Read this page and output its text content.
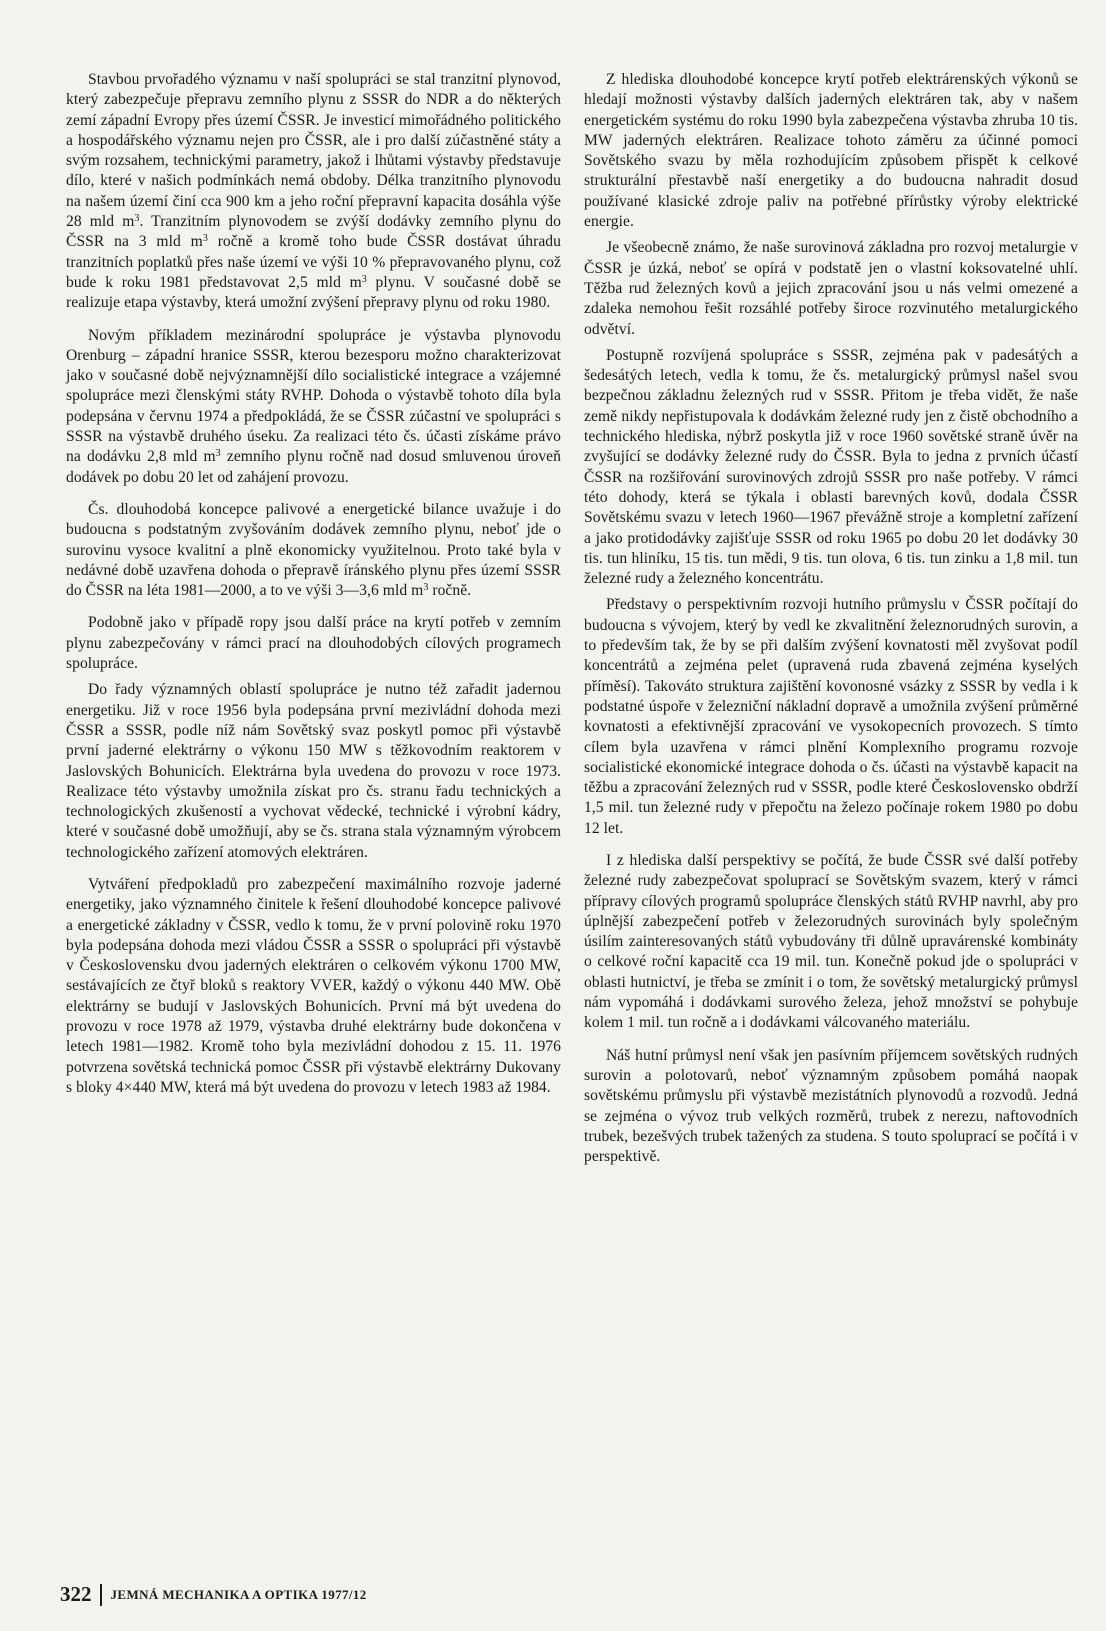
Stavbou prvořadého významu v naší spolupráci se stal tranzitní plynovod, který zabezpečuje přepravu zemního plynu z SSSR do NDR a do některých zemí západní Evropy přes území ČSSR. Je investicí mimořádného politického a hospodářského významu nejen pro ČSSR, ale i pro další zúčastněné státy a svým rozsahem, technickými parametry, jakož i lhůtami výstavby představuje dílo, které v našich podmínkách nemá obdoby. Délka tranzitního plynovodu na našem území činí cca 900 km a jeho roční přepravní kapacita dosáhla výše 28 mld $m^3$. Tranzitním plynovodem se zvýší dodávky zemního plynu do ČSSR na 3 mld $m^3$ ročně a kromě toho bude ČSSR dostávat úhradu tranzitních poplatků přes naše území ve výši 10 % přepravovaného plynu, což bude k roku 1981 představovat 2,5 mld $m^3$ plynu. V současné době se realizuje etapa výstavby, která umožní zvýšení přepravy plynu od roku 1980.

Novým příkladem mezinárodní spolupráce je výstavba plynovodu Orenburg – západní hranice SSSR, kterou bezesporu možno charakterizovat jako v současné době nejvýznamnější dílo socialistické integrace a vzájemné spolupráce mezi členskými státy RVHP. Dohoda o výstavbě tohoto díla byla podepsána v červnu 1974 a předpokládá, že se ČSSR zúčastní ve spolupráci s SSSR na výstavbě druhého úseku. Za realizaci této čs. účasti získáme právo na dodávku 2,8 mld $m^3$ zemního plynu ročně nad dosud smluvenou úroveň dodávek po dobu 20 let od zahájení provozu.

Čs. dlouhodobá koncepce palivové a energetické bilance uvažuje i do budoucna s podstatným zvyšováním dodávek zemního plynu, neboť jde o surovinu vysoce kvalitní a plně ekonomicky využitelnou. Proto také byla v nedávné době uzavřena dohoda o přepravě íránského plynu přes území SSSR do ČSSR na léta 1981—2000, a to ve výši 3—3,6 mld $m^3$ ročně.

Podobně jako v případě ropy jsou další práce na krytí potřeb v zemním plynu zabezpečovány v rámci prací na dlouhodobých cílových programech spolupráce.

Do řady významných oblastí spolupráce je nutno též zařadit jadernou energetiku. Již v roce 1956 byla podepsána první mezivládní dohoda mezi ČSSR a SSSR, podle níž nám Sovětský svaz poskytl pomoc při výstavbě první jaderné elektrárny o výkonu 150 MW s těžkovodním reaktorem v Jaslovských Bohunicích. Elektrárna byla uvedena do provozu v roce 1973. Realizace této výstavby umožnila získat pro čs. stranu řadu technických a technologických zkušeností a vychovat vědecké, technické i výrobní kádry, které v současné době umožňují, aby se čs. strana stala významným výrobcem technologického zařízení atomových elektráren.

Vytváření předpokladů pro zabezpečení maximálního rozvoje jaderné energetiky, jako významného činitele k řešení dlouhodobé koncepce palivové a energetické základny v ČSSR, vedlo k tomu, že v první polovině roku 1970 byla podepsána dohoda mezi vládou ČSSR a SSSR o spolupráci při výstavbě v Československu dvou jaderných elektráren o celkovém výkonu 1700 MW, sestávajících ze čtyř bloků s reaktory VVER, každý o výkonu 440 MW. Obě elektrárny se budují v Jaslovských Bohunicích. První má být uvedena do provozu v roce 1978 až 1979, výstavba druhé elektrárny bude dokončena v letech 1981—1982. Kromě toho byla mezivládní dohodou z 15. 11. 1976 potvrzena sovětská technická pomoc ČSSR při výstavbě elektrárny Dukovany s bloky 4×440 MW, která má být uvedena do provozu v letech 1983 až 1984.

Z hlediska dlouhodobé koncepce krytí potřeb elektrárenských výkonů se hledají možnosti výstavby dalších jaderných elektráren tak, aby v našem energetickém systému do roku 1990 byla zabezpečena výstavba zhruba 10 tis. MW jaderných elektráren. Realizace tohoto záměru za účinné pomoci Sovětského svazu by měla rozhodujícím způsobem přispět k celkové strukturální přestavbě naší energetiky a do budoucna nahradit dosud používané klasické zdroje paliv na potřebné přírůstky výroby elektrické energie.

Je všeobecně známo, že naše surovinová základna pro rozvoj metalurgie v ČSSR je úzká, neboť se opírá v podstatě jen o vlastní koksovatelné uhlí. Těžba rud železných kovů a jejich zpracování jsou u nás velmi omezené a zdaleka nemohou řešit rozsáhlé potřeby široce rozvinutého metalurgického odvětví.

Postupně rozvíjená spolupráce s SSSR, zejména pak v padesátých a šedesátých letech, vedla k tomu, že čs. metalurgický průmysl našel svou bezpečnou základnu železných rud v SSSR. Přitom je třeba vidět, že naše země nikdy nepřistupovala k dodávkám železné rudy jen z čistě obchodního a technického hlediska, nýbrž poskytla již v roce 1960 sovětské straně úvěr na zvyšující se dodávky železné rudy do ČSSR. Byla to jedna z prvních účastí ČSSR na rozšiřování surovinových zdrojů SSSR pro naše potřeby. V rámci této dohody, která se týkala i oblasti barevných kovů, dodala ČSSR Sovětskému svazu v letech 1960—1967 převážně stroje a kompletní zařízení a jako protidodávky zajišťuje SSSR od roku 1965 po dobu 20 let dodávky 30 tis. tun hliníku, 15 tis. tun mědi, 9 tis. tun olova, 6 tis. tun zinku a 1,8 mil. tun železné rudy a železného koncentrátu.

Představy o perspektivním rozvoji hutního průmyslu v ČSSR počítají do budoucna s vývojem, který by vedl ke zkvalitnění železnorudných surovin, a to především tak, že by se při dalším zvýšení kovnatosti měl zvyšovat podíl koncentrátů a zejména pelet (upravená ruda zbavená zejména kyselých příměsí). Takováto struktura zajištění kovonosné vsázky z SSSR by vedla i k podstatné úspoře v železniční nákladní dopravě a umožnila zvýšení průměrné kovnatosti a efektivnější zpracování ve vysokopecních provozech. S tímto cílem byla uzavřena v rámci plnění Komplexního programu rozvoje socialistické ekonomické integrace dohoda o čs. účasti na výstavbě kapacit na těžbu a zpracování železných rud v SSSR, podle které Československo obdrží 1,5 mil. tun železné rudy v přepočtu na železo počínaje rokem 1980 po dobu 12 let.

I z hlediska další perspektivy se počítá, že bude ČSSR své další potřeby železné rudy zabezpečovat spoluprací se Sovětským svazem, který v rámci přípravy cílových programů spolupráce členských států RVHP navrhl, aby pro úplnější zabezpečení potřeb v železorudných surovinách byly společným úsilím zainteresovaných států vybudovány tři důlně upravárenské kombináty o celkové roční kapacitě cca 19 mil. tun. Konečně pokud jde o spolupráci v oblasti hutnictví, je třeba se zmínit i o tom, že sovětský metalurgický průmysl nám vypomáhá i dodávkami surového železa, jehož množství se pohybuje kolem 1 mil. tun ročně a i dodávkami válcovaného materiálu.

Náš hutní průmysl není však jen pasívním příjemcem sovětských rudných surovin a polotovarů, neboť významným způsobem pomáhá naopak sovětskému průmyslu při výstavbě mezistátních plynovodů a rozvodů. Jedná se zejména o vývoz trub velkých rozměrů, trubek z nerezu, naftovodních trubek, bezešvých trubek tažených za studena. S touto spoluprací se počítá i v perspektivě.

322 JEMNÁ MECHANIKA A OPTIKA 1977/12
